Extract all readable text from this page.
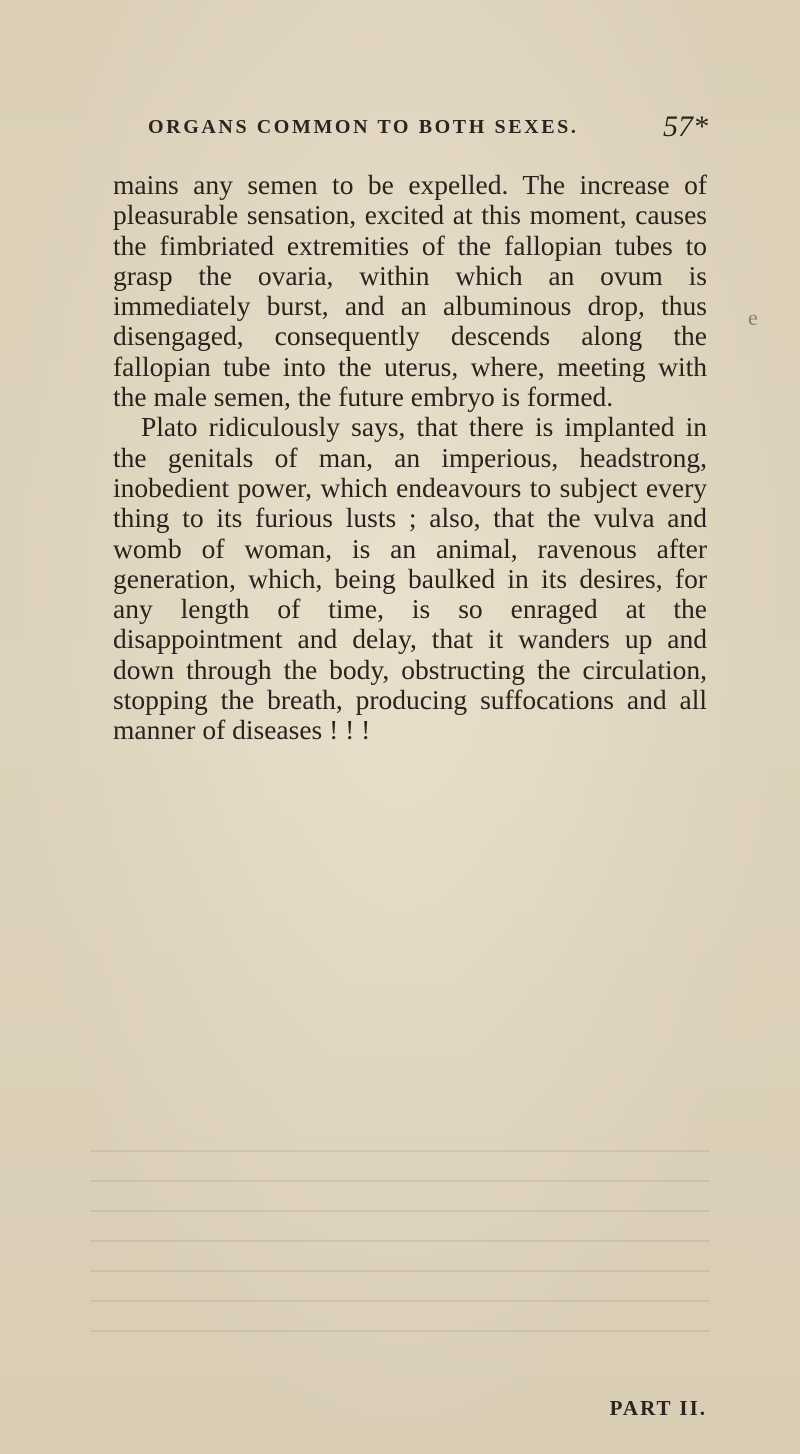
ORGANS COMMON TO BOTH SEXES.	57*

mains any semen to be expelled. The increase of pleasurable sensation, excited at this moment, causes the fimbriated extremities of the fallopian tubes to grasp the ovaria, within which an ovum is immediately burst, and an albuminous drop, thus disengaged, consequently descends along the fallopian tube into the uterus, where, meeting with the male semen, the future embryo is formed.

Plato ridiculously says, that there is implanted in the genitals of man, an imperious, headstrong, inobedient power, which endeavours to subject every thing to its furious lusts ; also, that the vulva and womb of woman, is an animal, ravenous after generation, which, being baulked in its desires, for any length of time, is so enraged at the disappointment and delay, that it wanders up and down through the body, obstructing the circulation, stopping the breath, producing suffocations and all manner of diseases ! ! !

e
PART II.
